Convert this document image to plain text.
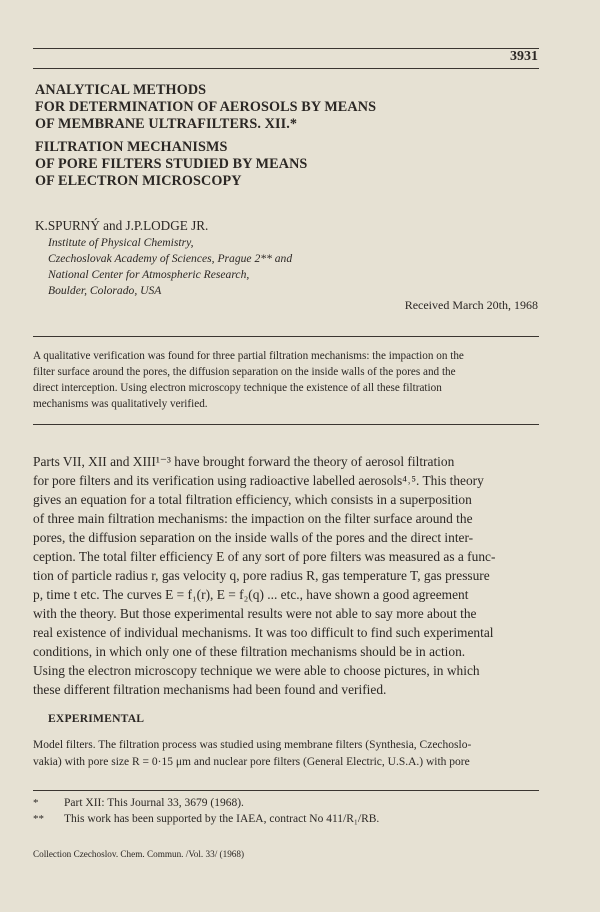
3931
ANALYTICAL METHODS
FOR DETERMINATION OF AEROSOLS BY MEANS
OF MEMBRANE ULTRAFILTERS. XII.*
FILTRATION MECHANISMS
OF PORE FILTERS STUDIED BY MEANS
OF ELECTRON MICROSCOPY
K.SPURNÝ and J.P.LODGE JR.
Institute of Physical Chemistry,
Czechoslovak Academy of Sciences, Prague 2** and
National Center for Atmospheric Research,
Boulder, Colorado, USA
Received March 20th, 1968
A qualitative verification was found for three partial filtration mechanisms: the impaction on the
filter surface around the pores, the diffusion separation on the inside walls of the pores and the
direct interception. Using electron microscopy technique the existence of all these filtration
mechanisms was qualitatively verified.
Parts VII, XII and XIII¹⁻³ have brought forward the theory of aerosol filtration
for pore filters and its verification using radioactive labelled aerosols⁴˒⁵. This theory
gives an equation for a total filtration efficiency, which consists in a superposition
of three main filtration mechanisms: the impaction on the filter surface around the
pores, the diffusion separation on the inside walls of the pores and the direct inter-
ception. The total filter efficiency E of any sort of pore filters was measured as a func-
tion of particle radius r, gas velocity q, pore radius R, gas temperature T, gas pressure
p, time t etc. The curves E = f₁(r), E = f₂(q) ... etc., have shown a good agreement
with the theory. But those experimental results were not able to say more about the
real existence of individual mechanisms. It was too difficult to find such experimental
conditions, in which only one of these filtration mechanisms should be in action.
Using the electron microscopy technique we were able to choose pictures, in which
these different filtration mechanisms had been found and verified.
EXPERIMENTAL
Model filters. The filtration process was studied using membrane filters (Synthesia, Czechoslo-
vakia) with pore size R = 0·15 μm and nuclear pore filters (General Electric, U.S.A.) with pore
* Part XII: This Journal 33, 3679 (1968).
** This work has been supported by the IAEA, contract No 411/R₁/RB.
Collection Czechoslov. Chem. Commun. /Vol. 33/ (1968)
